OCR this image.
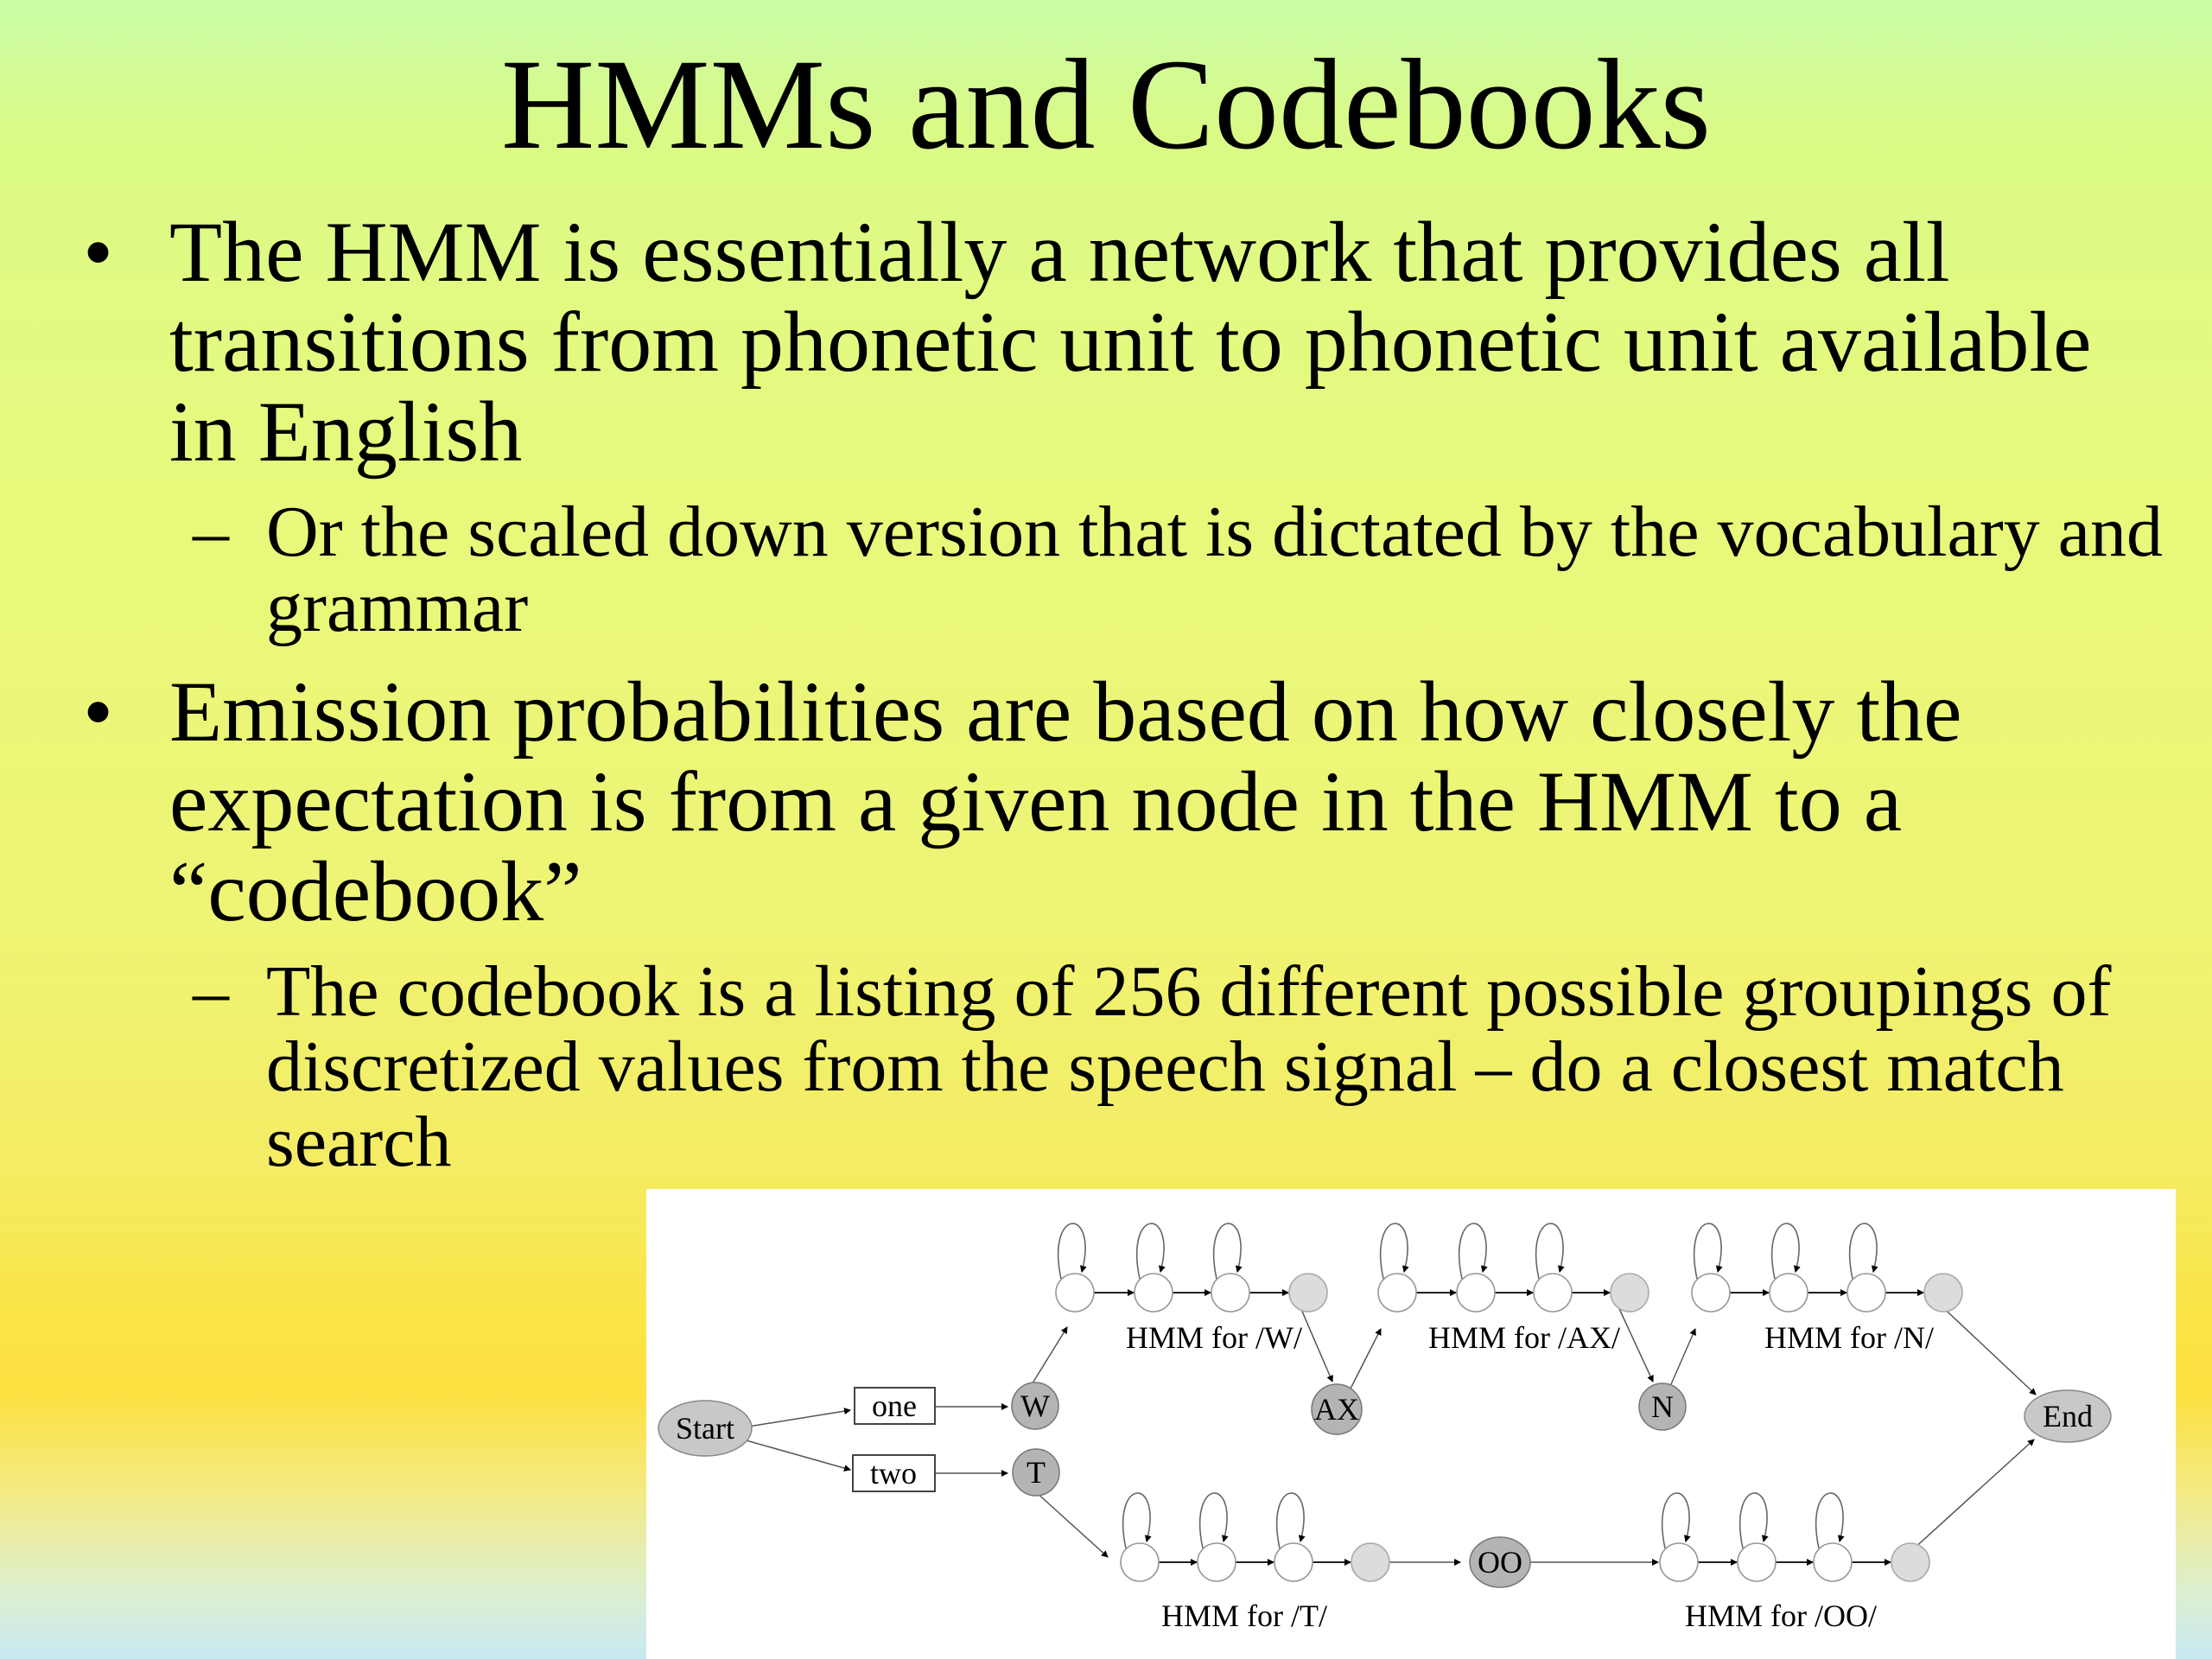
HMMs and Codebooks
• The HMM is essentially a network that provides all transitions from phonetic unit to phonetic unit available in English
– Or the scaled down version that is dictated by the vocabulary and grammar
• Emission probabilities are based on how closely the expectation is from a given node in the HMM to a “codebook”
– The codebook is a listing of 256 different possible groupings of discretized values from the speech signal – do a closest match search
Start	End
one
two
W
T
AX	N
OO
HMM for /W/	HMM for /AX/	HMM for /N/
HMM for /T/	HMM for /OO/
